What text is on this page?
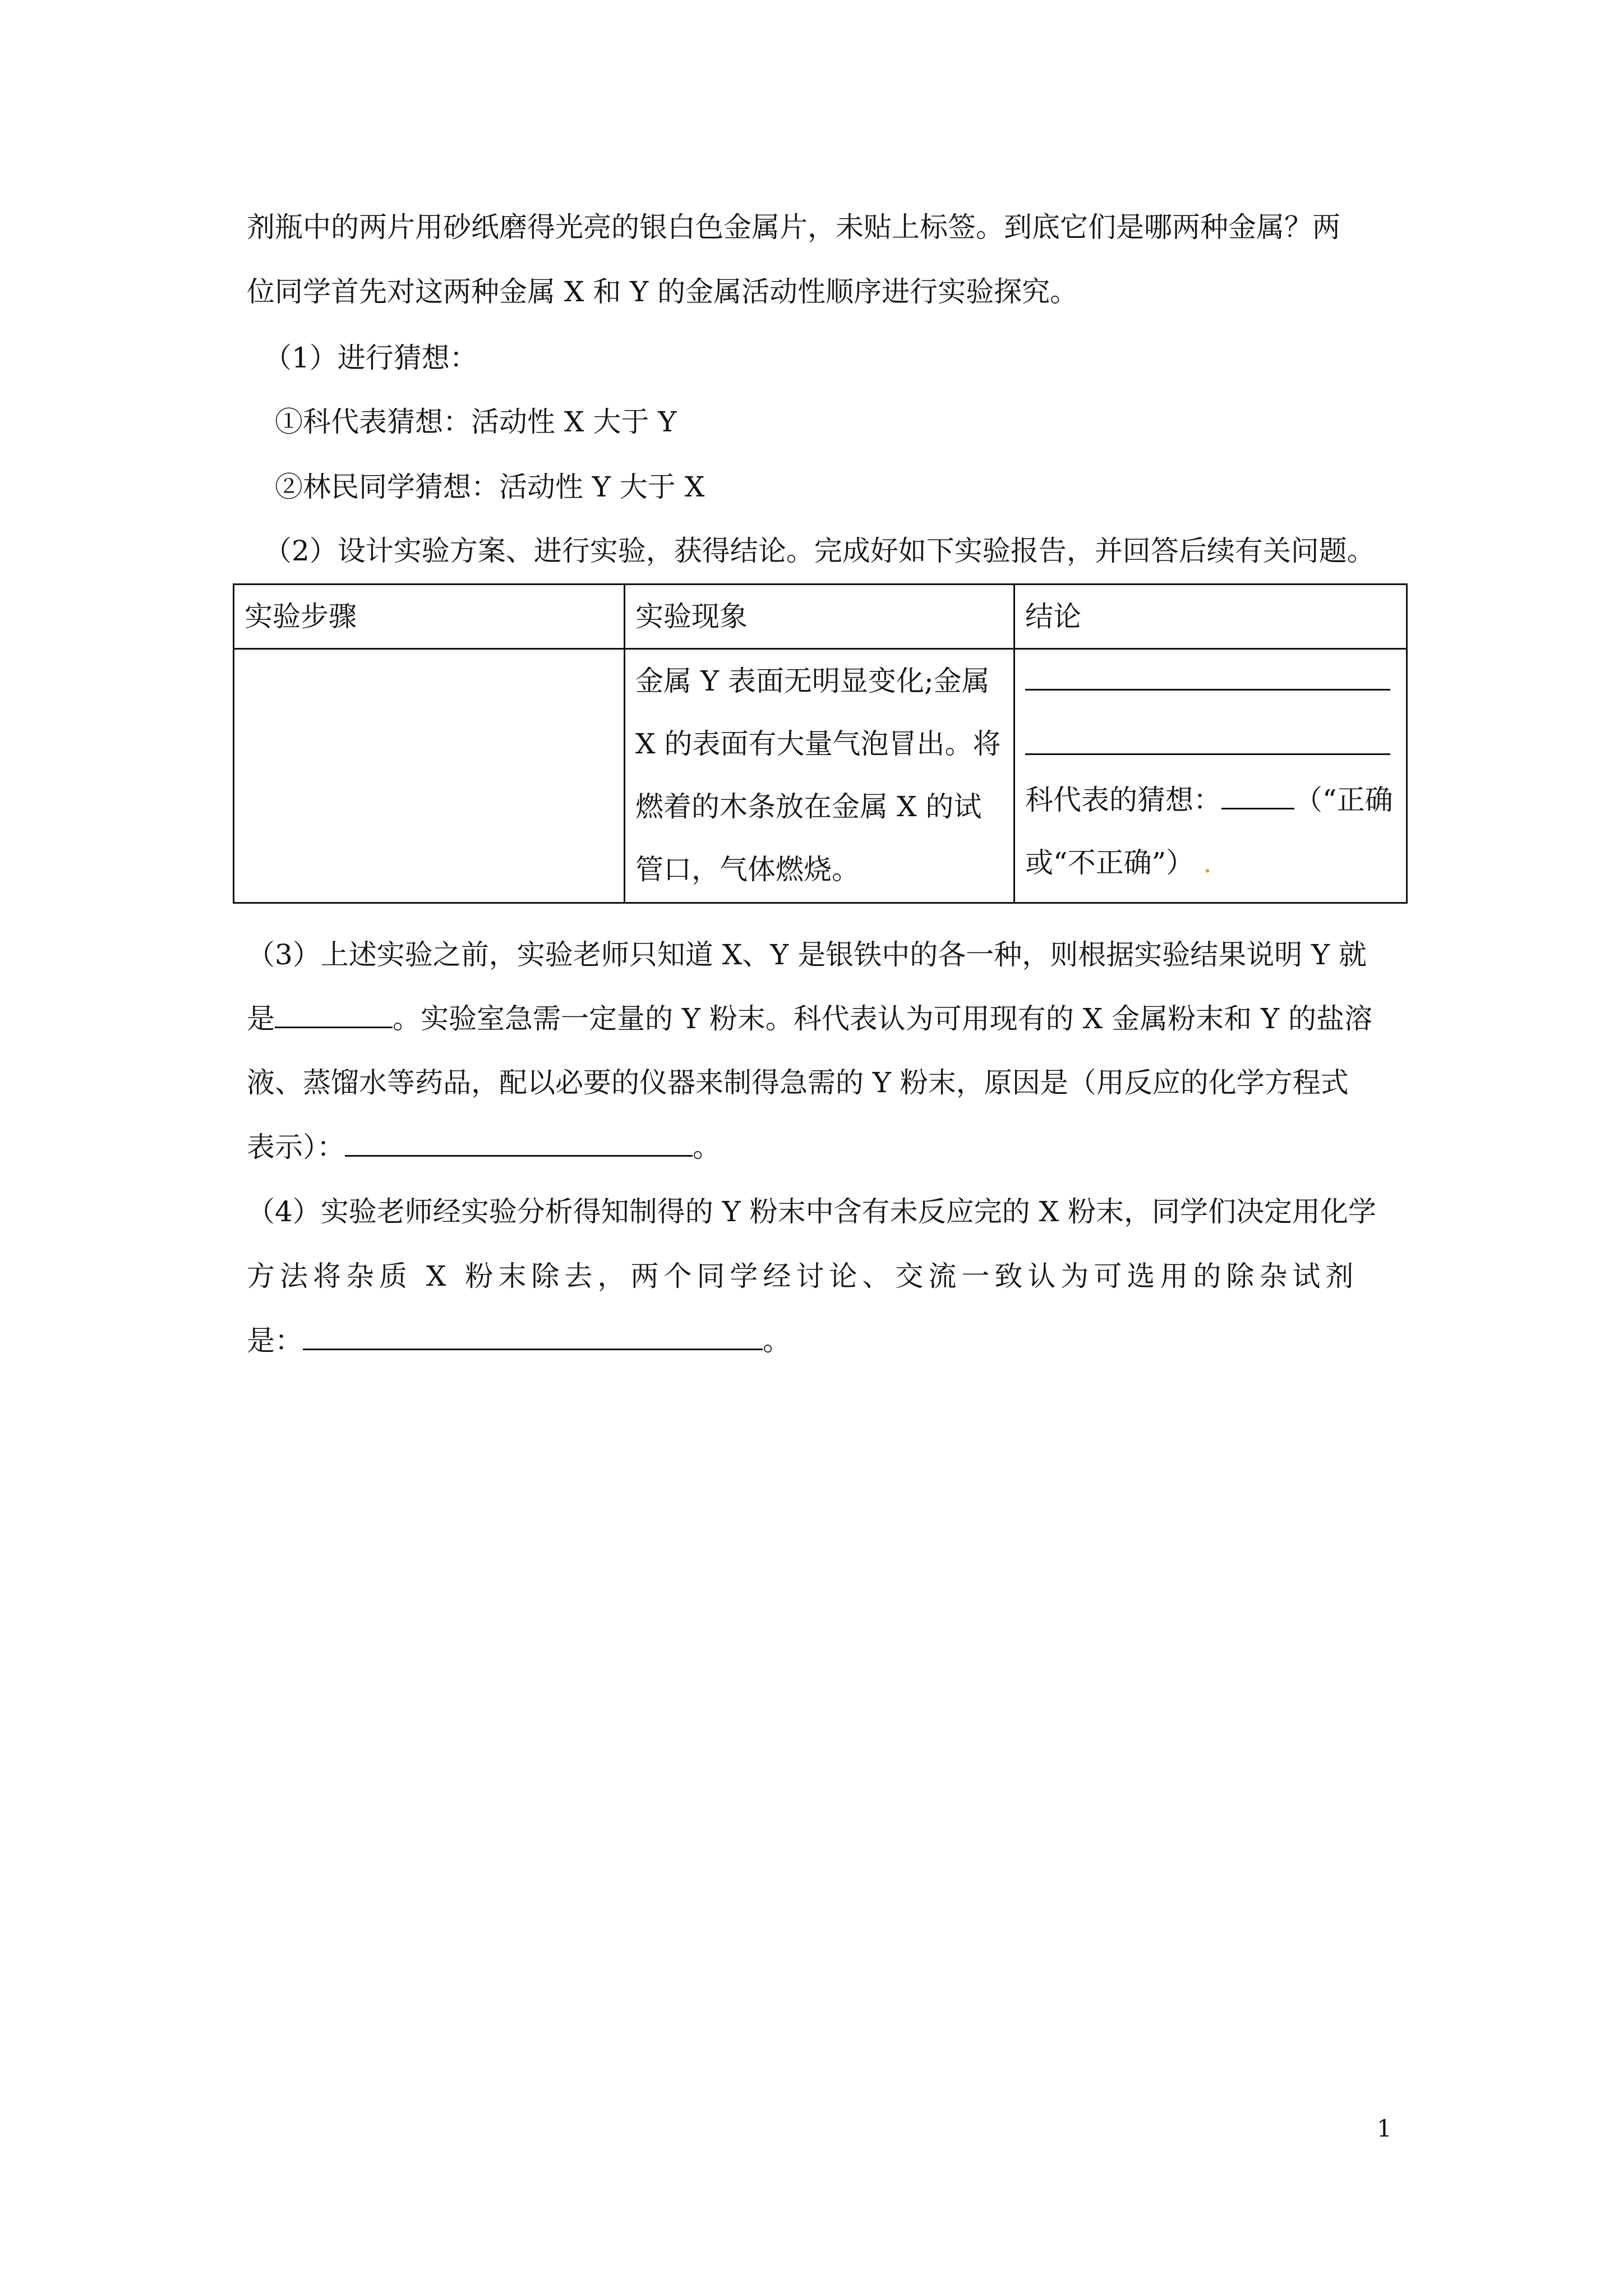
剂瓶中的两片用砂纸磨得光亮的银白色金属片，未贴上标签。到底它们是哪两种金属？两
位同学首先对这两种金属 X 和 Y 的金属活动性顺序进行实验探究。
（1）进行猜想：
①科代表猜想：活动性 X 大于 Y
②林民同学猜想：活动性 Y 大于 X
（2）设计实验方案、进行实验，获得结论。完成好如下实验报告，并回答后续有关问题。
实验步骤	实验现象	结论

	金属 Y 表面无明显变化;金属
X 的表面有大量气泡冒出。将
燃着的木条放在金属 X 的试
管口，气体燃烧。	科代表的猜想： （“正确
或“不正确”） .
（3）上述实验之前，实验老师只知道 X、Y 是银铁中的各一种，则根据实验结果说明 Y 就
是	。实验室急需一定量的 Y 粉末。科代表认为可用现有的 X 金属粉末和 Y 的盐溶
液、蒸馏水等药品，配以必要的仪器来制得急需的 Y 粉末，原因是（用反应的化学方程式
表示）：	。
（4）实验老师经实验分析得知制得的 Y 粉末中含有未反应完的 X 粉末，同学们决定用化学
方法将杂质 X 粉末除去，两个同学经讨论、交流一致认为可选用的除杂试剂
是：	。
1
